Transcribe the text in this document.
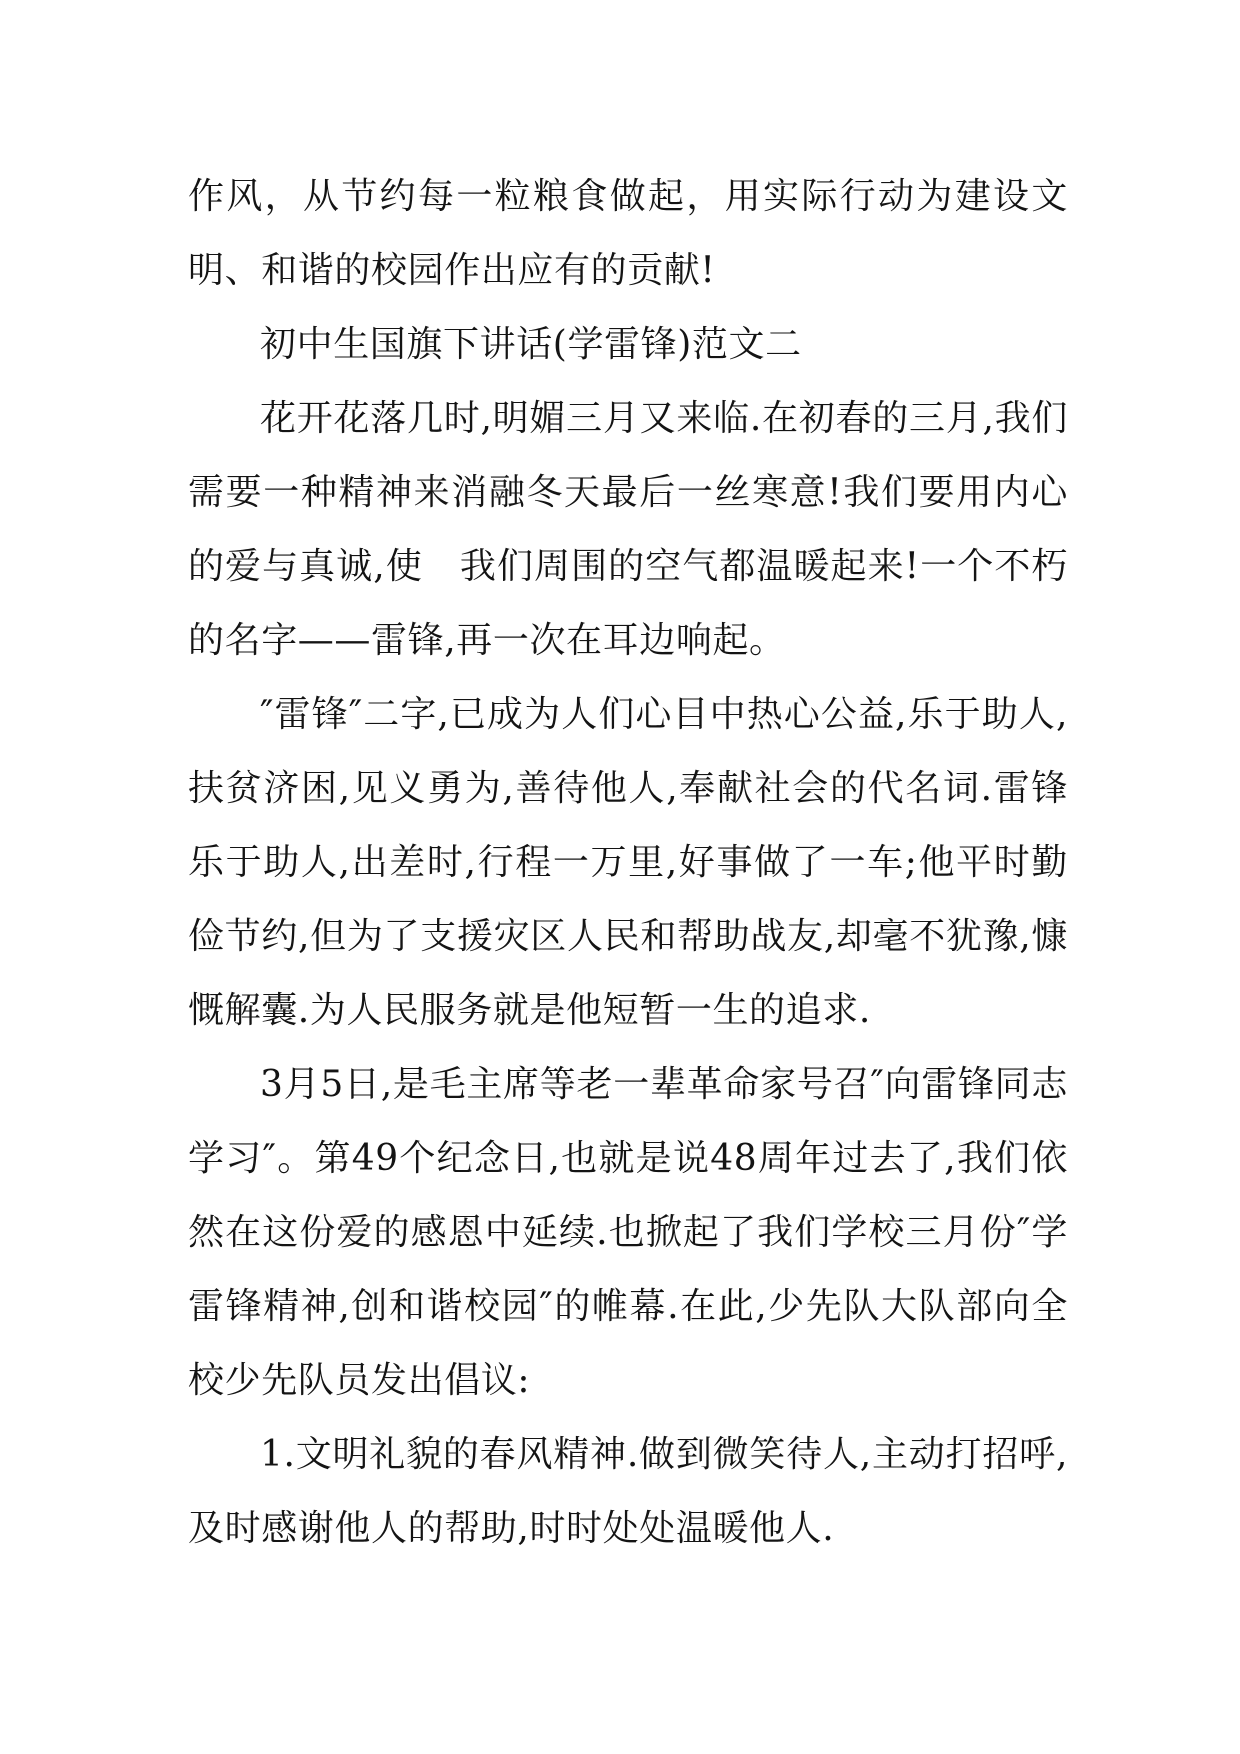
作风，从节约每一粒粮食做起，用实际行动为建设文明、和谐的校园作出应有的贡献!

初中生国旗下讲话(学雷锋)范文二

花开花落几时,明媚三月又来临.在初春的三月,我们需要一种精神来消融冬天最后一丝寒意!我们要用内心的爱与真诚,使　我们周围的空气都温暖起来!一个不朽的名字——雷锋,再一次在耳边响起。

″雷锋″二字,已成为人们心目中热心公益,乐于助人,扶贫济困,见义勇为,善待他人,奉献社会的代名词.雷锋乐于助人,出差时,行程一万里,好事做了一车;他平时勤俭节约,但为了支援灾区人民和帮助战友,却毫不犹豫,慷慨解囊.为人民服务就是他短暂一生的追求.

3月5日,是毛主席等老一辈革命家号召″向雷锋同志学习″。第49个纪念日,也就是说48周年过去了,我们依然在这份爱的感恩中延续.也掀起了我们学校三月份″学雷锋精神,创和谐校园″的帷幕.在此,少先队大队部向全校少先队员发出倡议:

1.文明礼貌的春风精神.做到微笑待人,主动打招呼,及时感谢他人的帮助,时时处处温暖他人.
